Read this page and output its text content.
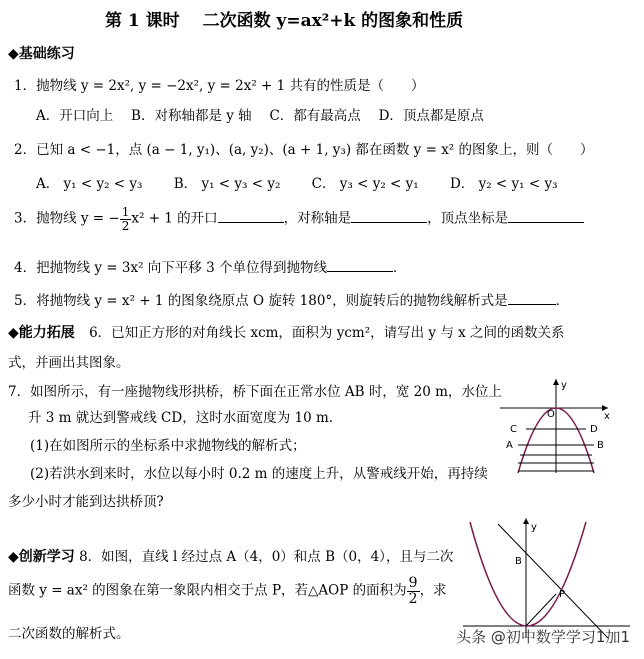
第 1 课时　 二次函数 y=ax²+k 的图象和性质
◆基础练习
1．抛物线 y = 2x², y = −2x², y = 2x² + 1 共有的性质是（　　）
A．开口向上　 B．对称轴都是 y 轴　 C．都有最高点　 D．顶点都是原点
2．已知 a < −1，点 (a − 1, y₁)、(a, y₂)、(a + 1, y₃) 都在函数 y = x² 的图象上，则（　　）
A． y₁ < y₂ < y₃　　 B． y₁ < y₃ < y₂　　 C． y₃ < y₂ < y₁　　 D． y₂ < y₁ < y₃
3．抛物线 y = − $\frac{1}{2} x^2 + 1$ 的开口	，对称轴是	，顶点坐标是
4．把抛物线 y = 3x² 向下平移 3 个单位得到抛物线	．
5．将抛物线 y = x² + 1 的图象绕原点 O 旋转 180°，则旋转后的抛物线解析式是	．
◆能力拓展 6．已知正方形的对角线长 xcm，面积为 ycm²，请写出 y 与 x 之间的函数关系
式，并画出其图象。
7．如图所示，有一座抛物线形拱桥，桥下面在正常水位 AB 时，宽 20 m，水位上
升 3 m 就达到警戒线 CD，这时水面宽度为 10 m．
(1)在如图所示的坐标系中求抛物线的解析式；
(2)若洪水到来时，水位以每小时 0.2 m 的速度上升，从警戒线开始，再持续
多少小时才能到达拱桥顶?
y
O	x
C	D
A	B
◆创新学习 8．如图，直线 l 经过点 A（4，0）和点 B（0，4），且与二次
函数 y = ax² 的图象在第一象限内相交于点 P，若△AOP 的面积为 $\frac{9}{2}$ ，求
二次函数的解析式。
y
B
P
头条 @初中数学学习1加1
